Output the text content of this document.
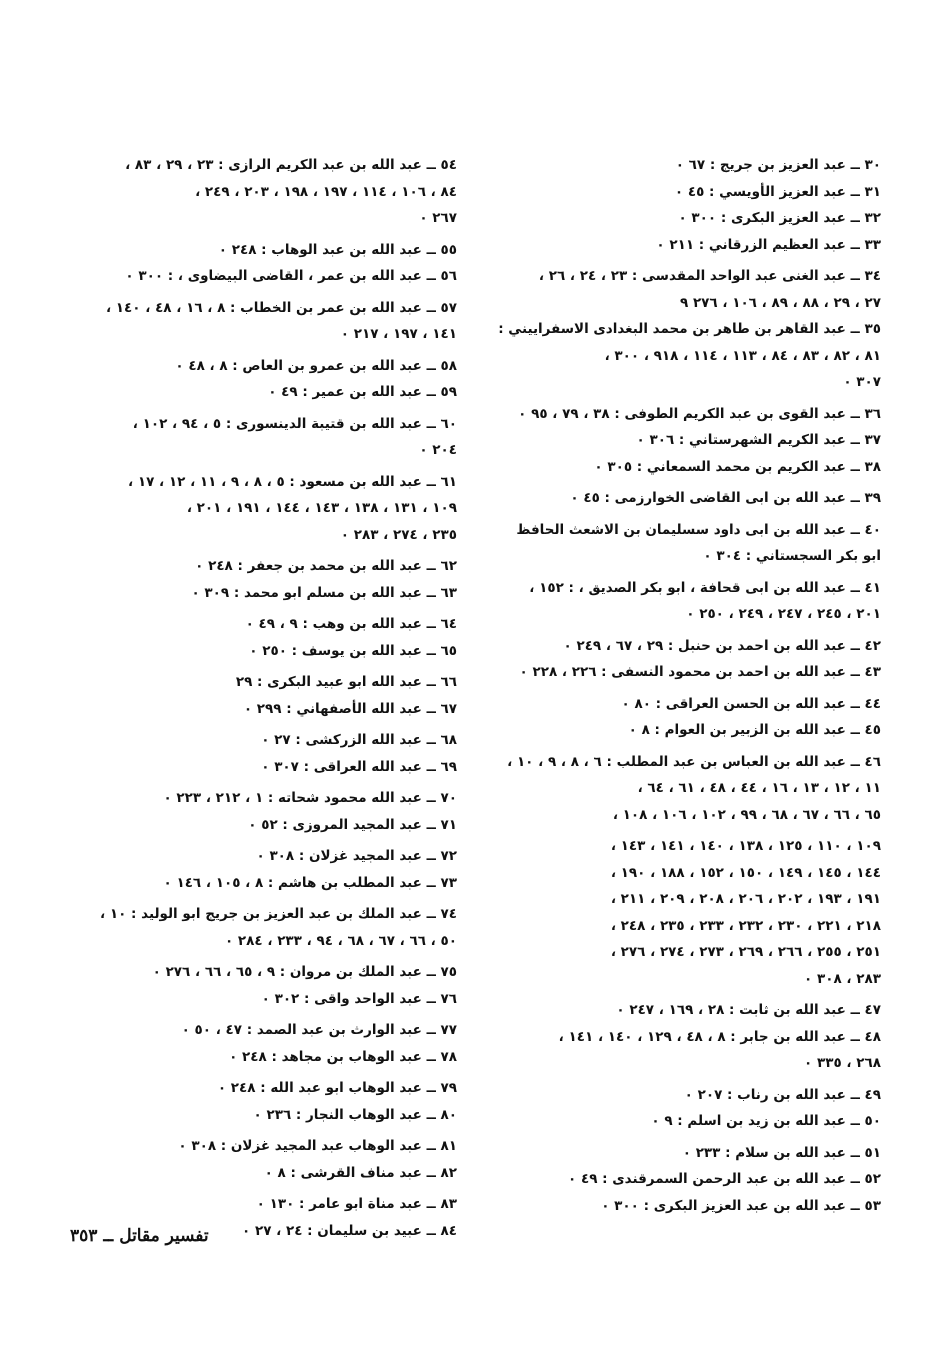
٣٠ ــ عبد العزيز بن جريج : ٦٧ ٠
٣١ ــ عبد العزيز الأويسي : ٤٥ ٠
٣٢ ــ عبد العزيز البكرى : ٣٠٠ ٠
٣٣ ــ عبد العظيم الزرقاني : ٢١١ ٠
٣٤ ــ عبد الغنى عبد الواحد المقدسى : ٢٣ ، ٢٤ ، ٢٦ ،
٢٧ ، ٢٩ ، ٨٨ ، ٨٩ ، ١٠٦ ، ٢٧٦ ٩
٣٥ ــ عبد القاهر بن طاهر بن محمد البغدادى الاسفراييني :
٨١ ، ٨٢ ، ٨٣ ، ٨٤ ، ١١٣ ، ١١٤ ، ٩١٨ ، ٣٠٠ ،
٣٠٧ ٠
٣٦ ــ عبد القوى بن عبد الكريم الطوفى : ٣٨ ، ٧٩ ، ٩٥ ٠
٣٧ ــ عبد الكريم الشهرستاني : ٣٠٦ ٠
٣٨ ــ عبد الكريم بن محمد السمعاني : ٣٠٥ ٠
٣٩ ــ عبد الله بن ابى القاضى الخوارزمى : ٤٥ ٠
٤٠ ــ عبد الله بن ابى داود سسليمان بن الاشعث الحافظ
ابو بكر السجستاني : ٣٠٤ ٠
٤١ ــ عبد الله بن ابى قحافة ، ابو بكر الصديق ، : ١٥٢ ،
٢٠١ ، ٢٤٥ ، ٢٤٧ ، ٢٤٩ ، ٢٥٠ ٠
٤٢ ــ عبد الله بن احمد بن حنبل : ٢٩ ، ٦٧ ، ٢٤٩ ٠
٤٣ ــ عبد الله بن احمد بن محمود النسفى : ٢٢٦ ، ٢٢٨ ٠
٤٤ ــ عبد الله بن الحسن العراقى : ٨٠ ٠
٤٥ ــ عبد الله بن الزبير بن العوام : ٨ ٠
٤٦ ــ عبد الله بن العباس بن عبد المطلب : ٦ ، ٨ ، ٩ ، ١٠ ،
١١ ، ١٢ ، ١٣ ، ١٦ ، ٤٤ ، ٤٨ ، ٦١ ، ٦٤ ،
٦٥ ، ٦٦ ، ٦٧ ، ٦٨ ، ٩٩ ، ١٠٢ ، ١٠٦ ، ١٠٨ ،
١٠٩ ، ١١٠ ، ١٢٥ ، ١٣٨ ، ١٤٠ ، ١٤١ ، ١٤٣ ،
١٤٤ ، ١٤٥ ، ١٤٩ ، ١٥٠ ، ١٥٢ ، ١٨٨ ، ١٩٠ ،
١٩١ ، ١٩٣ ، ٢٠٢ ، ٢٠٦ ، ٢٠٨ ، ٢٠٩ ، ٢١١ ،
٢١٨ ، ٢٢١ ، ٢٣٠ ، ٢٣٢ ، ٢٣٣ ، ٢٣٥ ، ٢٤٨ ،
٢٥١ ، ٢٥٥ ، ٢٦٦ ، ٢٦٩ ، ٢٧٣ ، ٢٧٤ ، ٢٧٦ ،
٢٨٣ ، ٣٠٨ ٠
٤٧ ــ عبد الله بن ثابت : ٢٨ ، ١٦٩ ، ٢٤٧ ٠
٤٨ ــ عبد الله بن جابر : ٨ ، ٤٨ ، ١٢٩ ، ١٤٠ ، ١٤١ ،
٢٦٨ ، ٣٣٥ ٠
٤٩ ــ عبد الله بن رناب : ٢٠٧ ٠
٥٠ ــ عبد الله بن زيد بن اسلم : ٩ ٠
٥١ ــ عبد الله بن سلام : ٢٣٣ ٠
٥٢ ــ عبد الله بن عبد الرحمن السمرقندى : ٤٩ ٠
٥٣ ــ عبد الله بن عبد العزيز البكرى : ٣٠٠ ٠
٥٤ ــ عبد الله بن عبد الكريم الرازى : ٢٣ ، ٢٩ ، ٨٣ ،
٨٤ ، ١٠٦ ، ١١٤ ، ١٩٧ ، ١٩٨ ، ٢٠٣ ، ٢٤٩ ،
٢٦٧ ٠
٥٥ ــ عبد الله بن عبد الوهاب : ٢٤٨ ٠
٥٦ ــ عبد الله بن عمر ، القاضى البيضاوى ، : ٣٠٠ ٠
٥٧ ــ عبد الله بن عمر بن الخطاب : ٨ ، ١٦ ، ٤٨ ، ١٤٠ ،
١٤١ ، ١٩٧ ، ٢١٧ ٠
٥٨ ــ عبد الله بن عمرو بن العاص : ٨ ، ٤٨ ٠
٥٩ ــ عبد الله بن عمير : ٤٩ ٠
٦٠ ــ عبد الله بن قتيبة الدينسورى : ٥ ، ٩٤ ، ١٠٢ ،
٢٠٤ ٠
٦١ ــ عبد الله بن مسعود : ٥ ، ٨ ، ٩ ، ١١ ، ١٢ ، ١٧ ،
١٠٩ ، ١٣١ ، ١٣٨ ، ١٤٣ ، ١٤٤ ، ١٩١ ، ٢٠١ ،
٢٣٥ ، ٢٧٤ ، ٢٨٣ ٠
٦٢ ــ عبد الله بن محمد بن جعفر : ٢٤٨ ٠
٦٣ ــ عبد الله بن مسلم ابو محمد : ٣٠٩ ٠
٦٤ ــ عبد الله بن وهب : ٩ ، ٤٩ ٠
٦٥ ــ عبد الله بن يوسف : ٢٥٠ ٠
٦٦ ــ عبد الله ابو عبيد البكرى : ٢٩
٦٧ ــ عبد الله الأصفهاني : ٢٩٩ ٠
٦٨ ــ عبد الله الزركشى : ٢٧ ٠
٦٩ ــ عبد الله العراقى : ٣٠٧ ٠
٧٠ ــ عبد الله محمود شحاته : ١ ، ٢١٢ ، ٢٢٣ ٠
٧١ ــ عبد المجيد المروزى : ٥٢ ٠
٧٢ ــ عبد المجيد غزلان : ٣٠٨ ٠
٧٣ ــ عبد المطلب بن هاشم : ٨ ، ١٠٥ ، ١٤٦ ٠
٧٤ ــ عبد الملك بن عبد العزيز بن جريج ابو الوليد : ١٠ ،
٥٠ ، ٦٦ ، ٦٧ ، ٦٨ ، ٩٤ ، ٢٣٣ ، ٢٨٤ ٠
٧٥ ــ عبد الملك بن مروان : ٩ ، ٦٥ ، ٦٦ ، ٢٧٦ ٠
٧٦ ــ عبد الواحد واقى : ٣٠٢ ٠
٧٧ ــ عبد الوارث بن عبد الصمد : ٤٧ ، ٥٠ ٠
٧٨ ــ عبد الوهاب بن مجاهد : ٢٤٨ ٠
٧٩ ــ عبد الوهاب ابو عبد الله : ٢٤٨ ٠
٨٠ ــ عبد الوهاب النجار : ٢٣٦ ٠
٨١ ــ عبد الوهاب عبد المجيد غزلان : ٣٠٨ ٠
٨٢ ــ عبد مناف القرشى : ٨ ٠
٨٣ ــ عبد مناة ابو عامر : ١٣٠ ٠
٨٤ ــ عبيد بن سليمان : ٢٤ ، ٢٧ ٠
تفسير مقاتل ــ ٣٥٣
